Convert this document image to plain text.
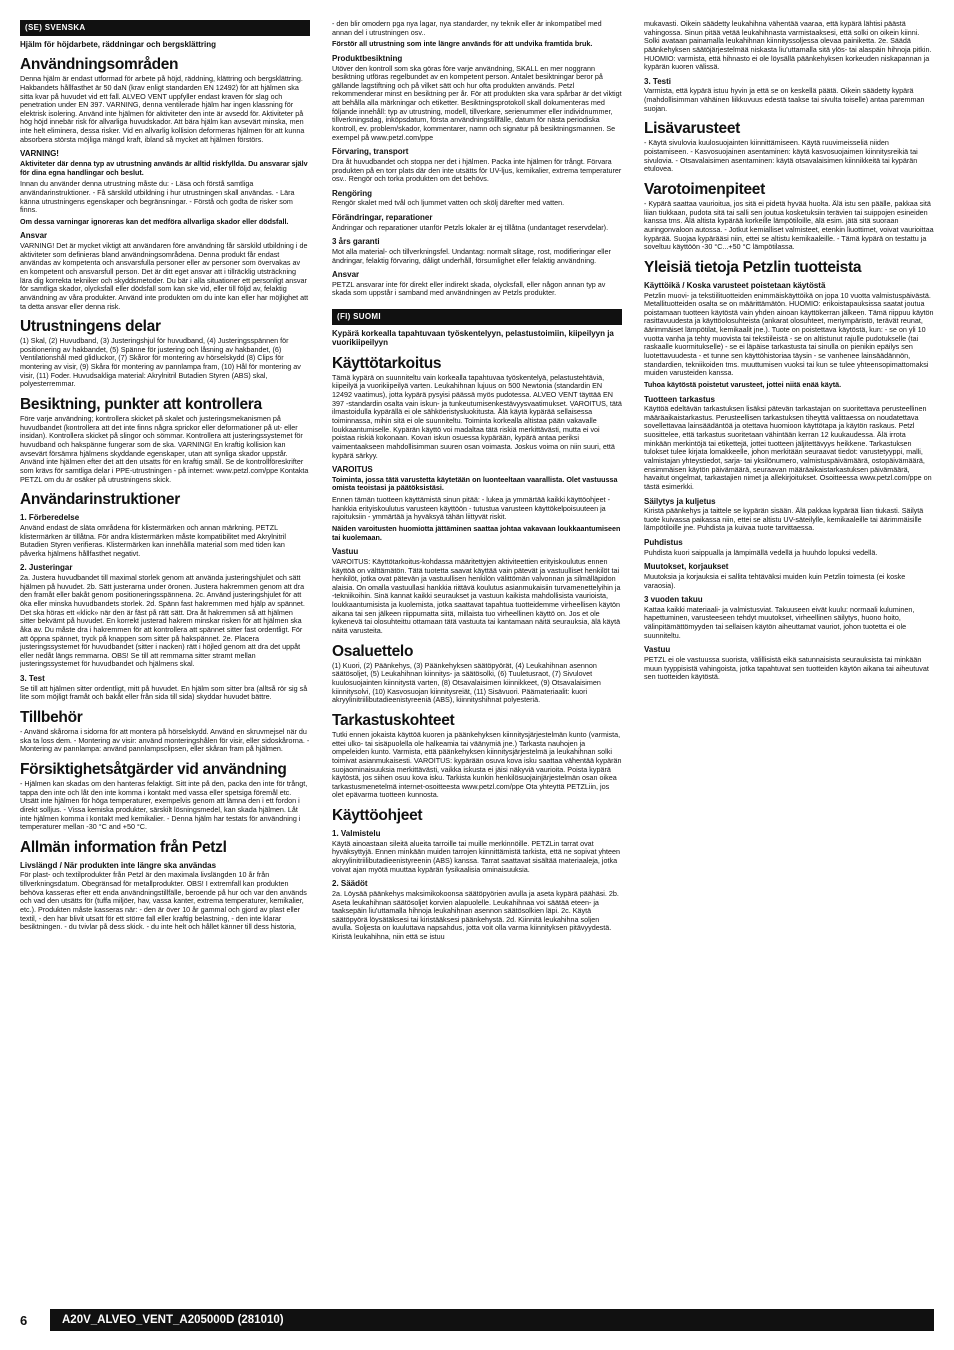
(SE) SVENSKA
Hjälm för höjdarbete, räddningar och bergsklättring
Användningsområden

Denna hjälm är endast utformad för arbete på höjd, räddning, klättring och bergsklättring. Hakbandets hållfasthet är 50 daN (krav enligt standarden EN 12492) för att hjälmen ska sitta kvar på huvudet vid ett fall. ALVEO VENT uppfyller endast kraven för slag och penetration under EN 397. VARNING, denna ventilerade hjälm har ingen klassning för elektrisk isolering. Använd inte hjälmen för aktiviteter den inte är avsedd för. Aktiviteter på hög höjd innebär risk för allvarliga huvudskador. Att bära hjälm kan avsevärt minska, men inte helt eliminera, dessa risker. Vid en allvarlig kollision deformeras hjälmen för att kunna absorbera största möjliga mängd kraft, ibland så mycket att hjälmen förstörs.

VARNING!

Aktiviteter där denna typ av utrustning används är alltid riskfyllda. Du ansvarar själv för dina egna handlingar och beslut.

Innan du använder denna utrustning måste du: - Läsa och förstå samtliga användarinstruktioner. - Få särskild utbildning i hur utrustningen skall användas. - Lära känna utrustningens egenskaper och begränsningar. - Förstå och godta de risker som finns.

Om dessa varningar ignoreras kan det medföra allvarliga skador eller dödsfall.

Ansvar

VARNING! Det är mycket viktigt att användaren före användning får särskild utbildning i de aktiviteter som definieras bland användningsområdena. Denna produkt får endast användas av kompetenta och ansvarsfulla personer eller av personer som övervakas av en kompetent och ansvarsfull person. Det är ditt eget ansvar att i tillräcklig utsträckning lära dig korrekta tekniker och skyddsmetoder. Du bär i alla situationer ett personligt ansvar för samtliga skador, olycksfall eller dödsfall som kan ske vid, eller till följd av, felaktig användning av våra produkter. Använd inte produkten om du inte kan eller har möjlighet att ta detta ansvar eller denna risk.

Utrustningens delar

(1) Skal, (2) Huvudband, (3) Justeringshjul för huvudband, (4) Justeringsspännen för positionering av hakbandet, (5) Spänne för justering och låsning av hakbandet, (6) Ventilationshål med glidluckor, (7) Skåror för montering av hörselskydd (8) Clips för montering av visir, (9) Skåra för montering av pannlampa fram, (10) Hål för montering av visir, (11) Foder. Huvudsakliga material: Akrylnitril Butadien Styren (ABS) skal, polyesterremmar.

Besiktning, punkter att kontrollera

Före varje användning; kontrollera skicket på skalet och justeringsmekanismen på huvudbandet (kontrollera att det inte finns några sprickor eller deformationer på ut- eller insidan). Kontrollera skicket på slingor och sömmar. Kontrollera att justeringssystemet för huvudband och hakspänne fungerar som de ska. VARNING! En kraftig kollision kan avsevärt försämra hjälmens skyddande egenskaper, utan att synliga skador uppstår. Använd inte hjälmen efter det att den utsatts för en kraftig smäll. Se de kontrollföreskrifter som krävs för samtliga delar i PPE-utrustningen - på internet: www.petzl.com/ppe Kontakta PETZL om du är osäker på utrustningens skick.

Användarinstruktioner
1. Förberedelse

Använd endast de släta områdena för klistermärken och annan märkning. PETZL klistermärken är tillåtna. För andra klistermärken måste kompatibilitet med Akrylnitril Butadien Styren verifieras. Klistermärken kan innehålla material som med tiden kan påverka hjälmens hållfasthet negativt.

2. Justeringar

2a. Justera huvudbandet till maximal storlek genom att använda justeringshjulet och sätt hjälmen på huvudet. 2b. Sätt justerarna under öronen. Justera hakremmen genom att dra den framåt eller bakåt genom positioneringsspännena. 2c. Använd justeringshjulet för att öka eller minska huvudbandets storlek. 2d. Spänn fast hakremmen med hjälp av spännet. Det ska höras ett «klick» när den är fäst på rätt sätt. Dra åt hakremmen så att hjälmen sitter bekvämt på huvudet. En korrekt justerad hakrem minskar risken för att hjälmen ska åka av. Du måste dra i hakremmen för att kontrollera att spännet sitter fast ordentligt. För att öppna spännet, tryck på knappen som sitter på hakspännet. 2e. Placera justeringssystemet för huvudbandet (sitter i nacken) rätt i höjled genom att dra det uppåt eller nedåt längs remmarna. OBS! Se till att remmarna sitter stramt mellan justeringssystemet för huvudbandet och hjälmens skal.

3. Test

Se till att hjälmen sitter ordentligt, mitt på huvudet. En hjälm som sitter bra (alltså rör sig så lite som möjligt framåt och bakåt eller från sida till sida) skyddar huvudet bättre.

Tillbehör

- Använd skårorna i sidorna för att montera på hörselskydd. Använd en skruvmejsel när du ska ta loss dem. - Montering av visir: använd monteringshålen för visir, eller sidoskårorna. - Montering av pannlampa: använd pannlampsclipsen, eller skåran fram på hjälmen.

Försiktighetsåtgärder vid användning

- Hjälmen kan skadas om den hanteras felaktigt. Sitt inte på den, packa den inte för trångt, tappa den inte och låt den inte komma i kontakt med vassa eller spetsiga föremål etc. Utsätt inte hjälmen för höga temperaturer, exempelvis genom att lämna den i ett fordon i direkt solljus. - Vissa kemiska produkter, särskilt lösningsmedel, kan skada hjälmen. Låt inte hjälmen komma i kontakt med kemikalier. - Denna hjälm har testats för användning i temperaturer mellan -30 °C and +50 °C.

Allmän information från Petzl
Livslängd / När produkten inte längre ska användas

För plast- och textilprodukter från Petzl är den maximala livslängden 10 år från tillverkningsdatum. Obegränsad för metallprodukter. OBS! I extremfall kan produkten behöva kasseras efter ett enda användningstillfälle, beroende på hur och var den används och vad den utsätts för (tuffa miljöer, hav, vassa kanter, extrema temperaturer, kemikalier, etc.). Produkten måste kasseras när: - den är över 10 år gammal och gjord av plast eller textil, - den har blivit utsatt för ett större fall eller kraftig belastning, - den inte klarar besiktningen. - du tvivlar på dess skick. - du inte helt och hållet känner till dess historia,

- den blir omodern pga nya lagar, nya standarder, ny teknik eller är inkompatibel med annan del i utrustningen osv..

Förstör all utrustning som inte längre används för att undvika framtida bruk.

Produktbesiktning

Utöver den kontroll som ska göras före varje användning, SKALL en mer noggrann besiktning utföras regelbundet av en kompetent person. Antalet besiktningar beror på gällande lagstiftning och på vilket sätt och hur ofta produkten används. Petzl rekommenderar minst en besiktning per år. För att produkten ska vara spårbar är det viktigt att behålla alla märkningar och etiketter. Besiktningsprotokoll skall dokumenteras med följande innehåll: typ av utrustning, modell, tillverkare, serienummer eller individnummer, tillverkningsdag, inköpsdatum, första användningstillfälle, datum för nästa periodiska kontroll, ev. problem/skador, kommentarer, namn och signatur på besiktningsmannen. Se exempel på www.petzl.com/ppe

Förvaring, transport

Dra åt huvudbandet och stoppa ner det i hjälmen. Packa inte hjälmen för trångt. Förvara produkten på en torr plats där den inte utsätts för UV-ljus, kemikalier, extrema temperaturer osv.. Rengör och torka produkten om det behövs.

Rengöring

Rengör skalet med tvål och ljummet vatten och skölj därefter med vatten.

Förändringar, reparationer

Ändringar och reparationer utanför Petzls lokaler är ej tillåtna (undantaget reservdelar).

3 års garanti

Mot alla material- och tillverkningsfel. Undantag: normalt slitage, rost, modifieringar eller ändringar, felaktig förvaring, dåligt underhåll, försumlighet eller felaktig användning.

Ansvar

PETZL ansvarar inte för direkt eller indirekt skada, olycksfall, eller någon annan typ av skada som uppstår i samband med användningen av Petzls produkter.

(FI) SUOMI
Kypärä korkealla tapahtuvaan työskentelyyn, pelastustoimiin, kiipeilyyn ja vuorikiipeilyyn
Käyttötarkoitus

Tämä kypärä on suunniteltu vain korkealla tapahtuvaa työskentelyä, pelastustehtäviä, kiipeilyä ja vuorikiipeilyä varten. Leukahihnan lujuus on 500 Newtonia (standardin EN 12492 vaatimus), jotta kypärä pysyisi päässä myös pudotessa. ALVEO VENT täyttää EN 397 -standardin osalta vain iskun- ja tunkeutumisenkestävyysvaatimukset. VAROITUS, tätä ilmastoidulla kypärällä ei ole sähköeristysluokitusta. Älä käytä kypärää sellaisessa toiminnassa, mihin sitä ei ole suunniteltu. Toiminta korkealla altistaa pään vakavalle loukkaantumiselle. Kypärän käyttö voi madaltaa tätä riskiä merkittävästi, mutta ei voi poistaa riskiä kokonaan. Kovan iskun osuessa kypärään, kypärä antaa periksi vaimentaakseen mahdollisimman suuren osan voimasta. Joskus voima on niin suuri, että kypärä särkyy.

VAROITUS

Toiminta, jossa tätä varustetta käytetään on luonteeltaan vaarallista. Olet vastuussa omista teoistasi ja päätöksistäsi.

Ennen tämän tuotteen käyttämistä sinun pitää: - lukea ja ymmärtää kaikki käyttöohjeet - hankkia erityiskoulutus varusteen käyttöön - tutustua varusteen käyttökelpoisuuteen ja rajoituksiin - ymmärtää ja hyväksyä tähän liittyvät riskit.

Näiden varoitusten huomiotta jättäminen saattaa johtaa vakavaan loukkaantumiseen tai kuolemaan.

Vastuu

VAROITUS: Käyttötarkoitus-kohdassa määritettyjen aktiviteettien erityiskoulutus ennen käyttöä on välttämätön. Tätä tuotetta saavat käyttää vain pätevät ja vastuulliset henkilöt tai henkilöt, jotka ovat pätevän ja vastuullisen henkilön välittömän valvonnan ja silmälläpidon alaisia. On omalla vastuullasi hankkia riittävä koulutus asianmukaisiin turvamenettelyihin ja -tekniikoihin. Sinä kannat kaikki seuraukset ja vastuun kaikista mahdollisista vaurioista, loukkaantumisista ja kuolemista, jotka saattavat tapahtua tuotteidemme virheellisen käytön aikana tai sen jälkeen riippumatta siitä, millaista tuo virheellinen käyttö on. Jos et ole kykenevä tai olosuhteittu ottamaan tätä vastuuta tai kantamaan näitä seurauksia, älä käytä näitä varusteita.

Osaluettelo

(1) Kuori, (2) Päänkehys, (3) Päänkehyksen säätöpyörät, (4) Leukahihnan asennon säätösoljet, (5) Leukahihnan kiinnitys- ja säätösolki, (6) Tuuletusraot, (7) Sivulovet kuulosuojainten kiinnitystä varten, (8) Otsavalaisimen kiinnikkeet, (9) Otsavalaisimen kiinnitysolvi, (10) Kasvosuojan kiinnitysreiät, (11) Sisävuori. Päämateriaalit: kuori akryylinitriilibutadieenistyreeniä (ABS), kiinnityshihnat polyesteriä.

Tarkastuskohteet

Tutki ennen jokaista käyttöä kuoren ja päänkehyksen kiinnitysjärjestelmän kunto (varmista, ettei ulko- tai sisäpuolella ole halkeamia tai väänymiä jne.) Tarkasta nauhojen ja ompeleiden kunto. Varmista, että päänkehyksen kiinnitysjärjestelmä ja leukahihnan solki toimivat asianmukaisesti. VAROITUS: kypärään osuva kova isku saattaa vähentää kypärän suojaominaisuuksia merkittävästi, vaikka iskusta ei jäisi näkyviä vaurioita. Poista kypärä käytöstä, jos siihen osuu kova isku. Tarkista kunkin henkilösuojainjärjestelmän osan oikea tarkastusmenetelmä internet-osoitteesta www.petzl.com/ppe Ota yhteyttä PETZLiin, jos olet epävarma tuotteen kunnosta.

Käyttöohjeet
1. Valmistelu

Käytä ainoastaan sileitä alueita tarroille tai muille merkinnöille. PETZLin tarrat ovat hyväksyttyjä. Ennen minkään muiden tarrojen kiinnittämistä tarkista, että ne sopivat yhteen akryylinitriilibutadieenistyreenin (ABS) kanssa. Tarrat saattavat sisältää materiaaleja, jotka voivat ajan myötä muuttaa kypärän fysikaalisia ominaisuuksia.

2. Säädöt

2a. Löysää päänkehys maksimikokoonsa säätöpyörien avulla ja aseta kypärä päähäsi. 2b. Aseta leukahihnan säätösoljet korvien alapuolelle. Leukahihnaa voi säätää eteen- ja taaksepäin liu'uttamalla hihnoja leukahihnan asennon säätösolkien läpi. 2c. Käytä säätöpyörä löysätäksesi tai kiristääksesi päänkehystä. 2d. Kiinnitä leukahihna soljen avulla. Soljesta on kuuluttava napsahdus, jotta voit olla varma kiinnityksen pitävyydestä. Kiristä leukahihna, niin että se istuu

mukavasti. Oikein säädetty leukahihna vähentää vaaraa, että kypärä lähtisi päästä vahingossa. Sinun pitää vetää leukahihnasta varmistaaksesi, että solki on oikein kiinni. Solki avataan painamalla leukahihnan kiinnityssoljessa olevaa painiketta. 2e. Säädä päänkehyksen säätöjärjestelmää niskasta liu'uttamalla sitä ylös- tai alaspäin hihnoja pitkin. HUOMIO: varmista, että hihnasto ei ole löysällä päänkehyksen korkeuden niskapannan ja kypärän kuoren välissä.

3. Testi

Varmista, että kypärä istuu hyvin ja että se on keskellä päätä. Oikein säädetty kypärä (mahdollisimman vähäinen liikkuvuus edestä taakse tai sivulta toiselle) antaa paremman suojan.

Lisävarusteet

- Käytä sivulovia kuulosuojainten kiinnittämiseen. Käytä ruuvimeisseliä niiden poistamiseen. - Kasvosuojainen asentaminen: käytä kasvosuojaimen kiinnitysreikiä tai sivulovia. - Otsavalaisimen asentaminen: käytä otsavalaisimen kiinnikkeitä tai kypärän etulovea.

Varotoimenpiteet

- Kypärä saattaa vaurioitua, jos sitä ei pidetä hyvää huolta. Älä istu sen päälle, pakkaa sitä liian tiukkaan, pudota sitä tai salli sen joutua kosketuksiin terävien tai suippojen esineiden kanssa tms. Älä altista kypärää korkeille lämpötiloille, älä esim. jätä sitä suoraan auringonvaloon autossa. - Jotkut kemialliset valmisteet, etenkin liuottimet, voivat vaurioittaa kypärää. Suojaa kypärääsi niin, ettei se altistu kemikaaleille. - Tämä kypärä on testattu ja soveltuu käyttöön -30 °C...+50 °C lämpötilassa.

Yleisiä tietoja Petzlin tuotteista
Käyttöikä / Koska varusteet poistetaan käytöstä

Petzlin muovi- ja tekstiilituotteiden enimmäiskäyttöikä on jopa 10 vuotta valmistuspäivästä. Metallituotteiden osalta se on määrittämätön. HUOMIO: erikoistapauksissa saatat joutua poistamaan tuotteen käytöstä vain yhden ainoan käyttökerran jälkeen. Tämä riippuu käytön rasittavuudesta ja käyttöolosuhteista (ankarat olosuhteet, meriympäristö, terävät reunat, äärimmäiset lämpötilat, kemikaalit jne.). Tuote on poistettava käytöstä, kun: - se on yli 10 vuotta vanha ja tehty muovista tai tekstiileistä - se on altistunut rajulle pudotukselle (tai raskaalle kuormitukselle) - se ei läpäise tarkastusta tai sinulla on pienikin epäilys sen luotettavuudesta - et tunne sen käyttöhistoriaa täysin - se vanhenee lainsäädännön, standardien, tekniikoiden tms. muuttumisen vuoksi tai kun se tulee yhteensopimattomaksi muiden varusteiden kanssa.

Tuhoa käytöstä poistetut varusteet, jottei niitä enää käytä.

Tuotteen tarkastus

Käyttöä edeltävän tarkastuksen lisäksi pätevän tarkastajan on suoritettava perusteellinen määräaikaistarkastus. Perusteellisen tarkastuksen tiheyttä valittaessa on noudatettava sovellettavaa lainsäädäntöä ja otettava huomioon käyttötapa ja käytön raskaus. Petzl suosittelee, että tarkastus suoritetaan vähintään kerran 12 kuukaudessa. Älä irrota minkään merkintöjä tai etikettejä, jottei tuotteen jäljitettävyys heikkene. Tarkastuksen tulokset tulee kirjata lomakkeelle, johon merkitään seuraavat tiedot: varustetyyppi, malli, valmistajan yhteystiedot, sarja- tai yksilönumero, valmistuspäivämäärä, ostopäivämäärä, ensimmäisen käytön päivämäärä, seuraavan määräaikaistarkastuksen päivämäärä, havaitut ongelmat, tarkastajien nimet ja allekirjoitukset. Osoitteessa www.petzl.com/ppe on tästä esimerkki.

Säilytys ja kuljetus

Kiristä päänkehys ja taittele se kypärän sisään. Älä pakkaa kypärää liian tiukasti. Säilytä tuote kuivassa paikassa niin, ettei se altistu UV-säteilylle, kemikaaleille tai äärimmäisille lämpötiloille jne. Puhdista ja kuivaa tuote tarvittaessa.

Puhdistus

Puhdista kuori saippualla ja lämpimällä vedellä ja huuhdo lopuksi vedellä.

Muutokset, korjaukset

Muutoksia ja korjauksia ei sallita tehtäväksi muiden kuin Petzlin toimesta (ei koske varaosia).

3 vuoden takuu

Kattaa kaikki materiaali- ja valmistusviat. Takuuseen eivät kuulu: normaali kuluminen, hapettuminen, varusteeseen tehdyt muutokset, virheellinen säilytys, huono hoito, välinpitämättömyyden tai sellaisen käytön aiheuttamat vauriot, johon tuotetta ei ole suunniteltu.

Vastuu

PETZL ei ole vastuussa suorista, välillisistä eikä satunnaisista seurauksista tai minkään muun tyyppisistä vahingoista, jotka tapahtuvat sen tuotteiden käytön aikana tai aiheutuvat sen tuotteiden käytöstä.

6	A20V_ALVEO_VENT_A205000D (281010)
